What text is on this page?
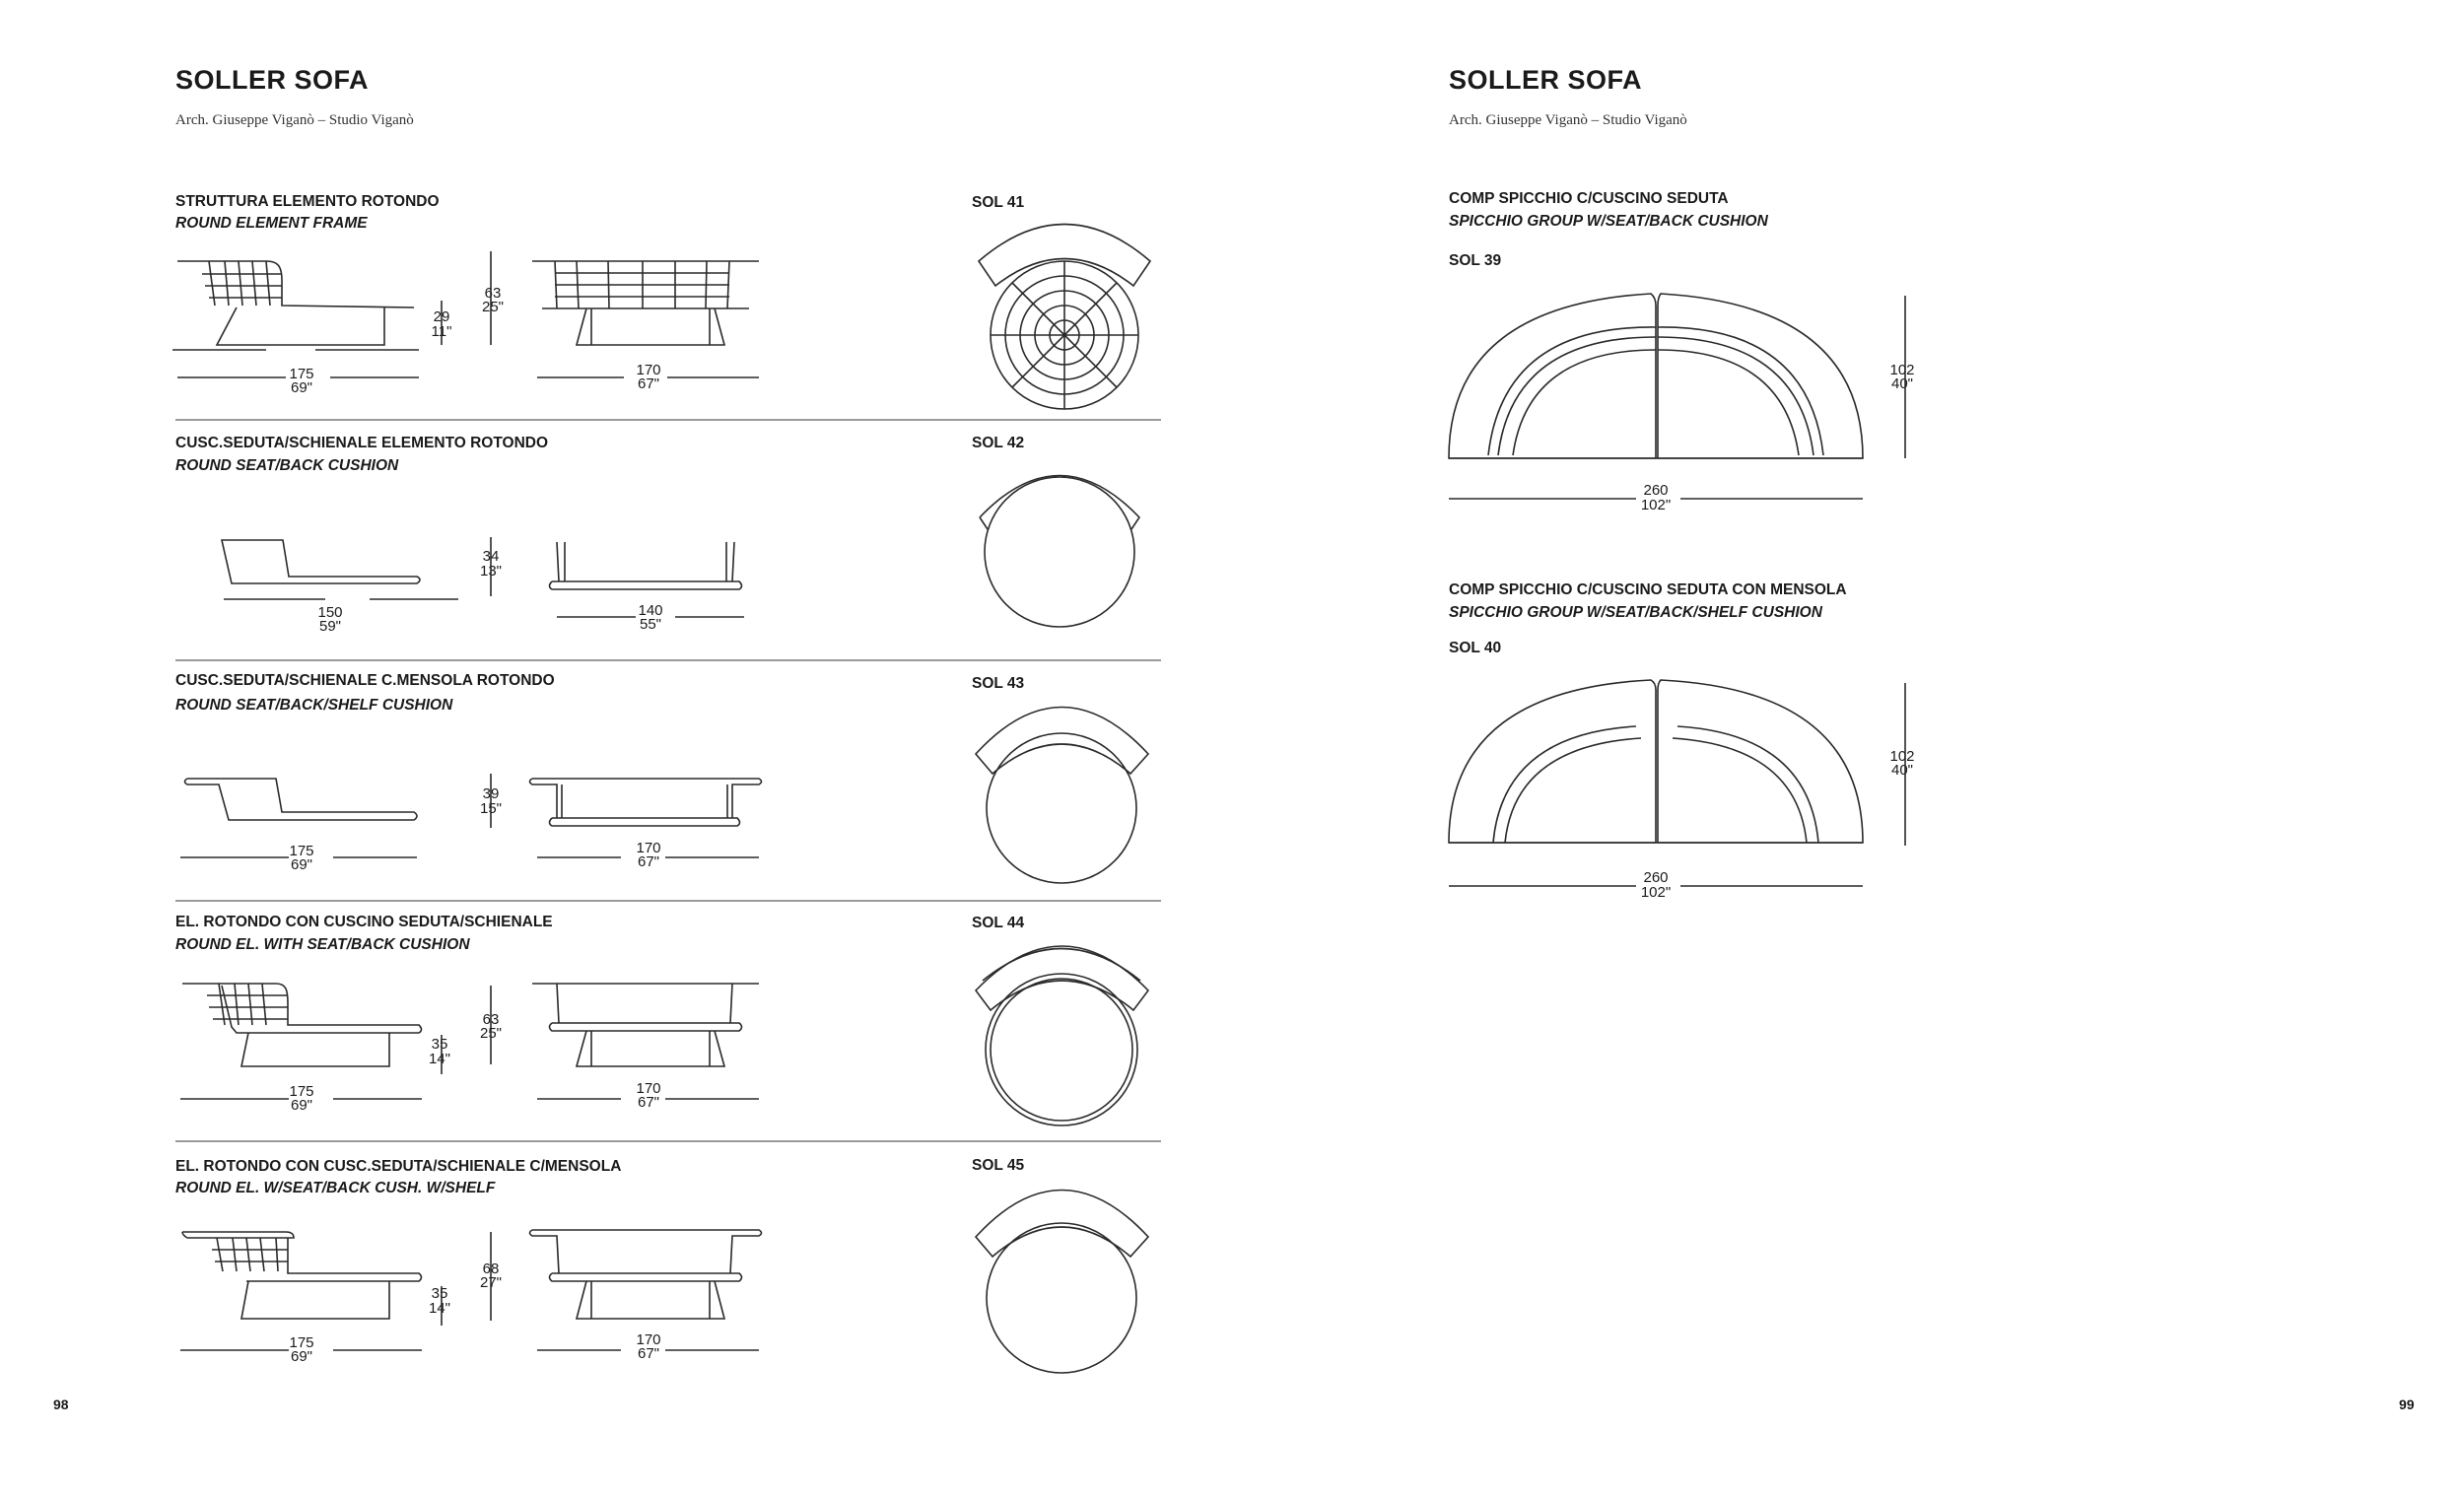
SOLLER SOFA
Arch. Giuseppe Viganò – Studio Viganò
98
STRUTTURA ELEMENTO ROTONDO
ROUND ELEMENT FRAME
SOL 41
175
69"
29
11"
63
25"
170
67"
CUSC.SEDUTA/SCHIENALE ELEMENTO ROTONDO
ROUND SEAT/BACK CUSHION
SOL 42
150
59"
34
13"
140
55"
CUSC.SEDUTA/SCHIENALE C.MENSOLA ROTONDO
ROUND SEAT/BACK/SHELF CUSHION
SOL 43
175
69"
39
15"
170
67"
EL. ROTONDO CON CUSCINO SEDUTA/SCHIENALE
ROUND EL. WITH SEAT/BACK CUSHION
SOL 44
175
69"
35
14"
63
25"
170
67"
EL. ROTONDO CON CUSC.SEDUTA/SCHIENALE C/MENSOLA
ROUND EL. W/SEAT/BACK CUSH. W/SHELF
SOL 45
175
69"
35
14"
68
27"
170
67"
SOLLER SOFA
Arch. Giuseppe Viganò – Studio Viganò
99
COMP SPICCHIO C/CUSCINO SEDUTA
SPICCHIO GROUP W/SEAT/BACK CUSHION
SOL 39
102
40"
260
102"
COMP SPICCHIO C/CUSCINO SEDUTA CON MENSOLA
SPICCHIO GROUP W/SEAT/BACK/SHELF CUSHION
SOL 40
102
40"
260
102"
